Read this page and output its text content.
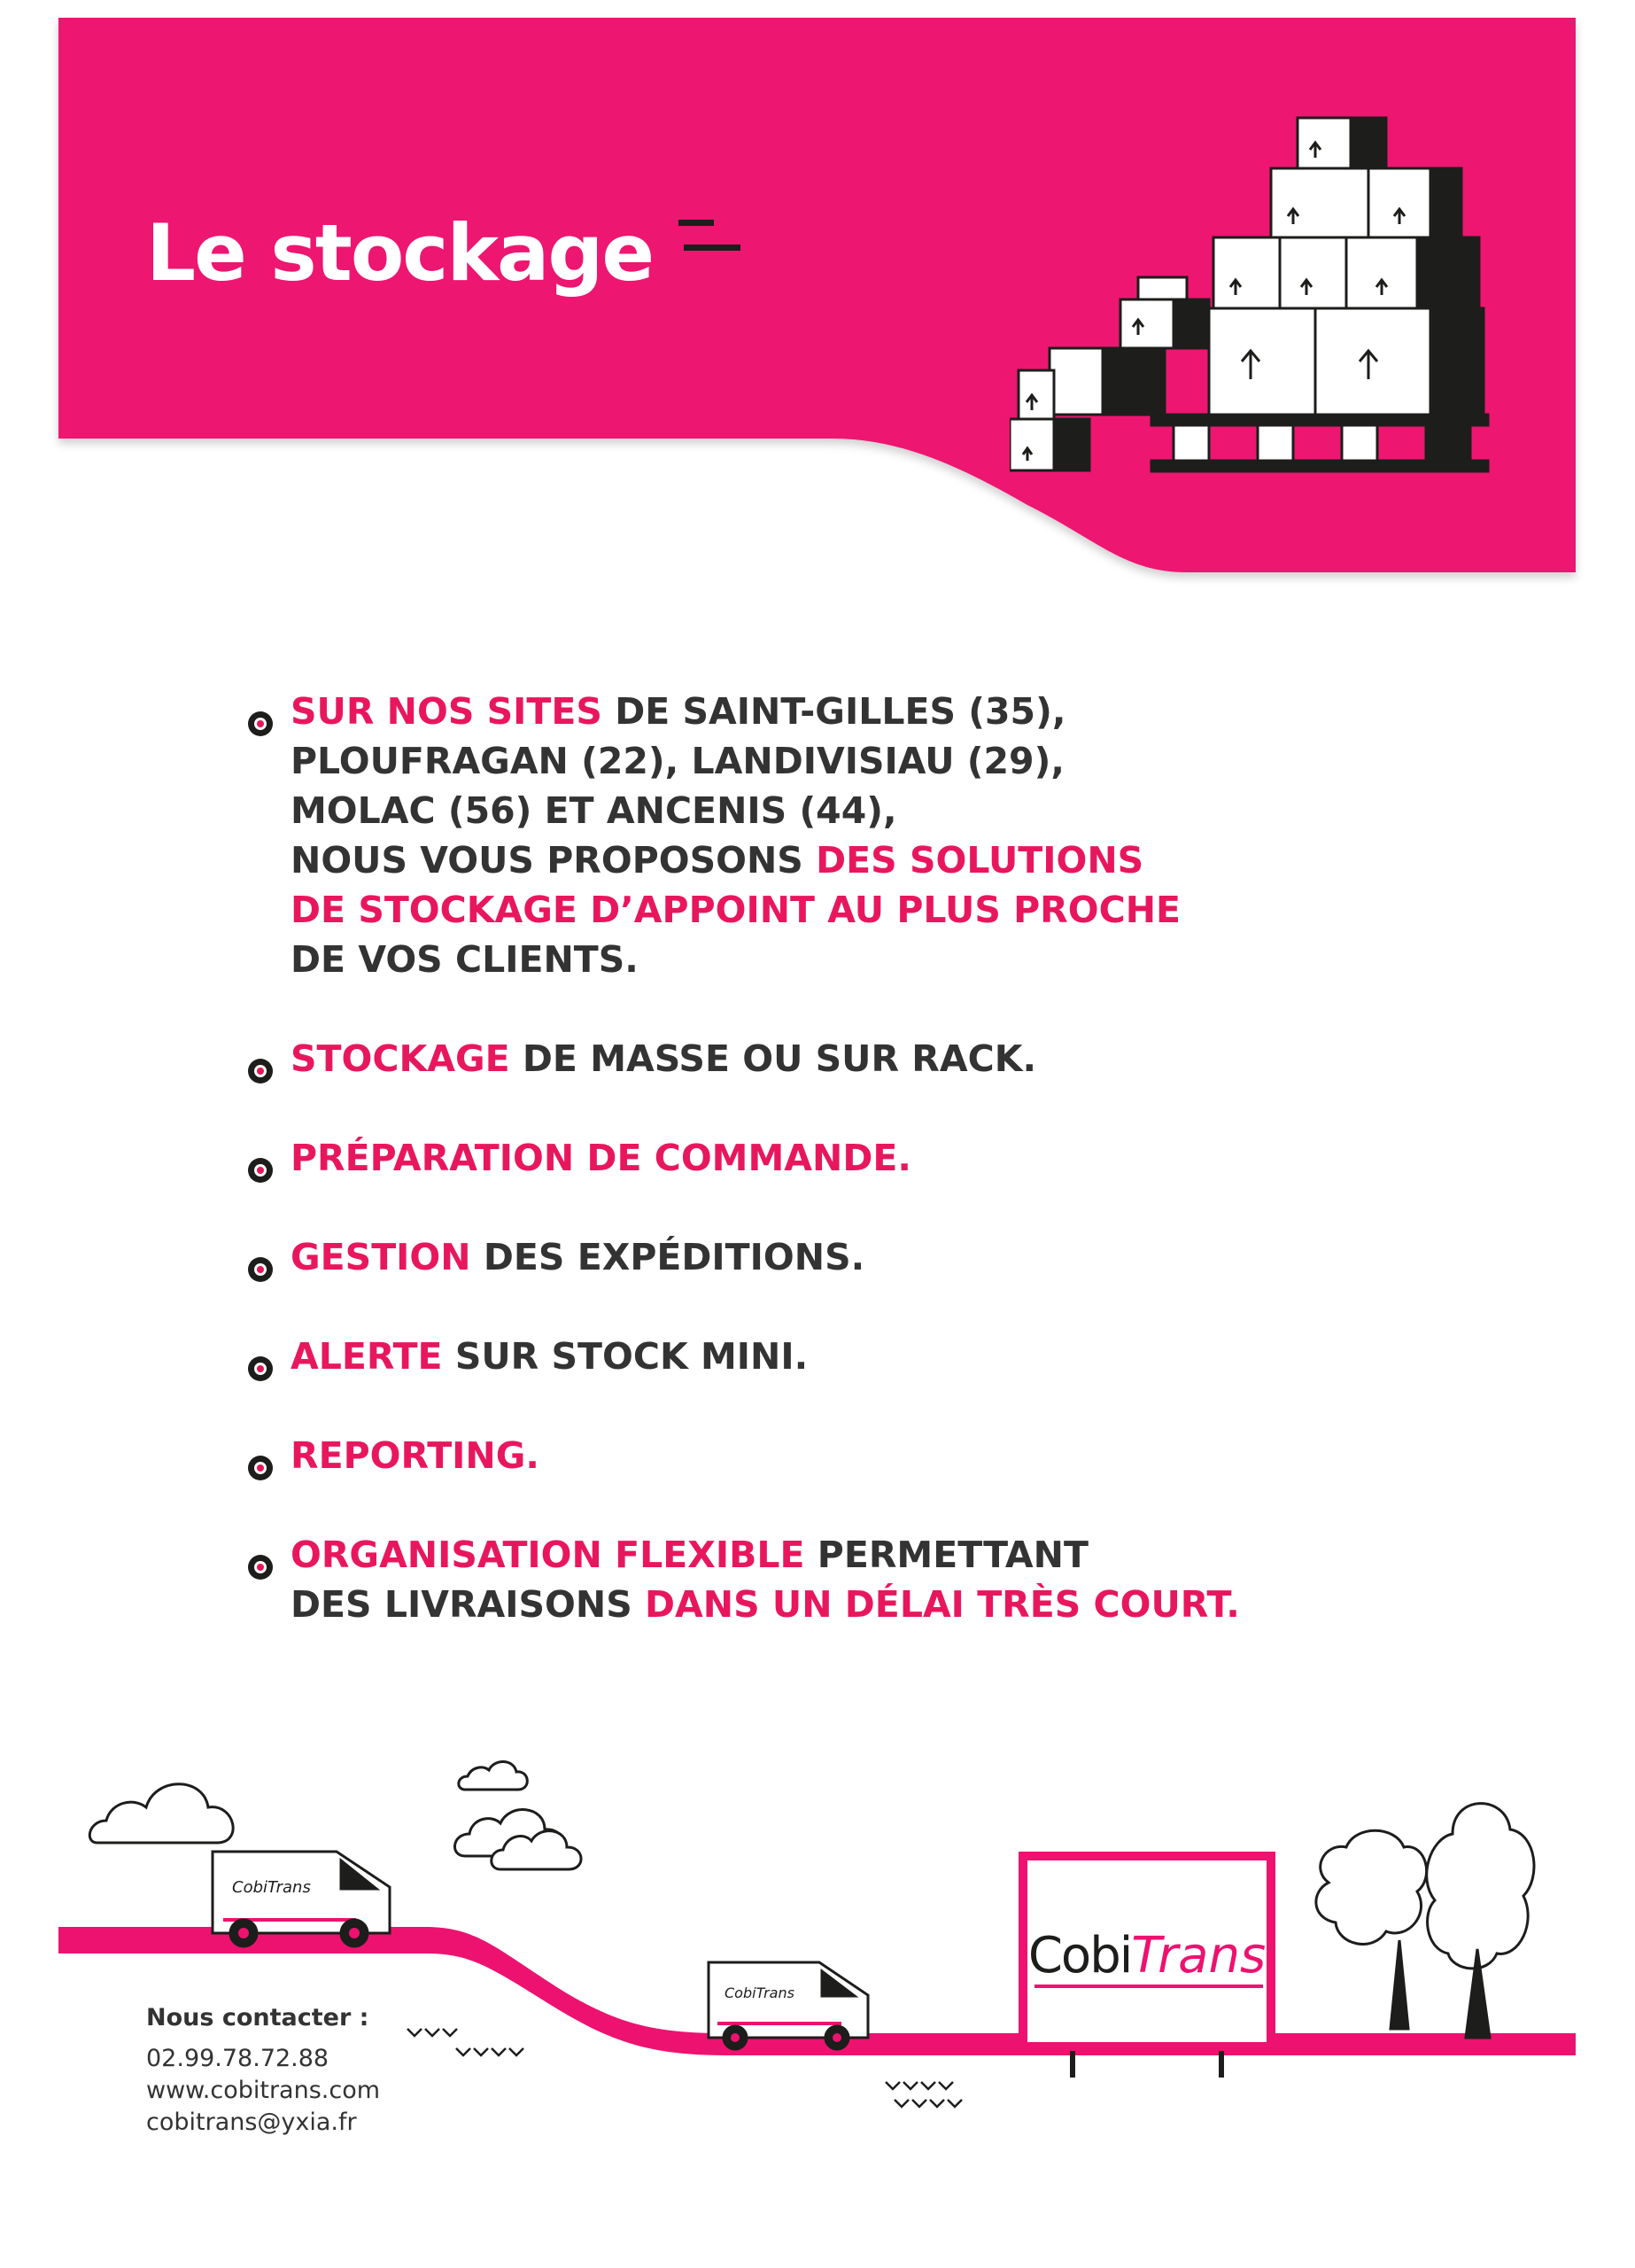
Le stockage
SUR NOS SITES DE SAINT-GILLES (35),
PLOUFRAGAN (22), LANDIVISIAU (29),
MOLAC (56) ET ANCENIS (44),
NOUS VOUS PROPOSONS DES SOLUTIONS
DE STOCKAGE D’APPOINT AU PLUS PROCHE
DE VOS CLIENTS.
STOCKAGE DE MASSE OU SUR RACK.
PRÉPARATION DE COMMANDE.
GESTION DES EXPÉDITIONS.
ALERTE SUR STOCK MINI.
REPORTING.
ORGANISATION FLEXIBLE PERMETTANT
DES LIVRAISONS DANS UN DÉLAI TRÈS COURT.
CobiTrans
CobiTrans
CobiTrans

Nous contacter :

02.99.78.72.88
www.cobitrans.com
cobitrans@yxia.fr
